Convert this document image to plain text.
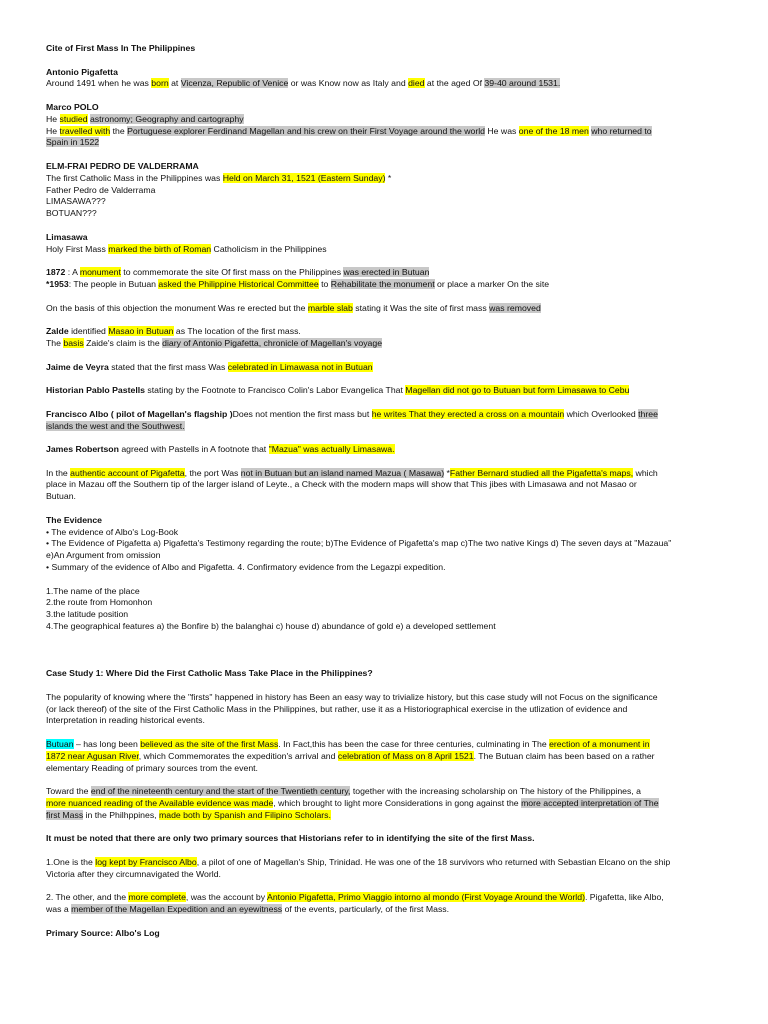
Cite of First Mass In The Philippines

Antonio Pigafetta

Around 1491 when he was born at Vicenza, Republic of Venice or was Know now as Italy and died at the aged Of 39-40 around 1531.

Marco POLO

He studied astronomy; Geography and cartography

He travelled with the Portuguese explorer Ferdinand Magellan and his crew on their First Voyage around the world He was one of the 18 men who returned to

Spain in 1522

ELM-FRAI PEDRO DE VALDERRAMA

The first Catholic Mass in the Philippines was Held on March 31, 1521 (Eastern Sunday) *

Father Pedro de Valderrama

LIMASAWA???

BOTUAN???

Limasawa

Holy First Mass marked the birth of Roman Catholicism in the Philippines

1872 : A monument to commemorate the site Of first mass on the Philippines was erected in Butuan

*1953: The people in Butuan asked the Philippine Historical Committee to Rehabilitate the monument or place a marker On the site

On the basis of this objection the monument Was re erected but the marble slab stating it Was the site of first mass was removed

Zalde identified Masao in Butuan as The location of the first mass.

The basis Zaide's claim is the diary of Antonio Pigafetta, chronicle of Magellan's voyage

Jaime de Veyra stated that the first mass Was celebrated in Limawasa not in Butuan

Historian Pablo Pastells stating by the Footnote to Francisco Colin's Labor Evangelica That Magellan did not go to Butuan but form Limasawa to Cebu

Francisco Albo ( pilot of Magellan's flagship )Does not mention the first mass but he writes That they erected a cross on a mountain which Overlooked three

islands the west and the Southwest.

James Robertson agreed with Pastells in A footnote that "Mazua" was actually Limasawa.

In the authentic account of Pigafetta, the port Was not in Butuan but an island named Mazua ( Masawa) *Father Bernard studied all the Pigafetta's maps, which

place in Mazau off the Southern tip of the larger island of Leyte., a Check with the modern maps will show that This jibes with Limasawa and not Masao or

Butuan.

The Evidence

• The evidence of Albo's Log-Book

• The Evidence of Pigafetta a) Pigafetta's Testimony regarding the route; b)The Evidence of Pigafetta's map c)The two native Kings d) The seven days at "Mazaua"

e)An Argument from omission

• Summary of the evidence of Albo and Pigafetta. 4. Confirmatory evidence from the Legazpi expedition.

1.The name of the place

2.the route from Homonhon

3.the latitude position

4.The geographical features a) the Bonfire b) the balanghai c) house d) abundance of gold e) a developed settlement

Case Study 1: Where Did the First Catholic Mass Take Place in the Philippines?

The popularity of knowing where the "firsts" happened in history has Been an easy way to trivialize history, but this case study will not Focus on the significance

(or lack thereof) of the site of the First Catholic Mass in the Philippines, but rather, use it as a Historiographical exercise in the utlization of evidence and

Interpretation in reading historical events.

Butuan – has long been believed as the site of the first Mass. In Fact,this has been the case for three centuries, culminating in The erection of a monument in

1872 near Agusan River, which Commemorates the expedition's arrival and celebration of Mass on 8 April 1521. The Butuan claim has been based on a rather

elementary Reading of primary sources trom the event.

Toward the end of the nineteenth century and the start of the Twentieth century, together with the increasing scholarship on The history of the Philippines, a

more nuanced reading of the Available evidence was made, which brought to light more Considerations in gong against the more accepted interpretation of The

first Mass in the Philhppines, made both by Spanish and Filipino Scholars.

It must be noted that there are only two primary sources that Historians refer to in identifying the site of the first Mass.

1.One is the log kept by Francisco Albo, a pilot of one of Magellan's Ship, Trinidad. He was one of the 18 survivors who returned with Sebastian Elcano on the ship

Victoria after they circumnavigated the World.

2. The other, and the more complete, was the account by Antonio Pigafetta, Primo Viaggio intorno al mondo (First Voyage Around the World). Pigafetta, like Albo,

was a member of the Magellan Expedition and an eyewitness of the events, particularly, of the first Mass.

Primary Source: Albo's Log
